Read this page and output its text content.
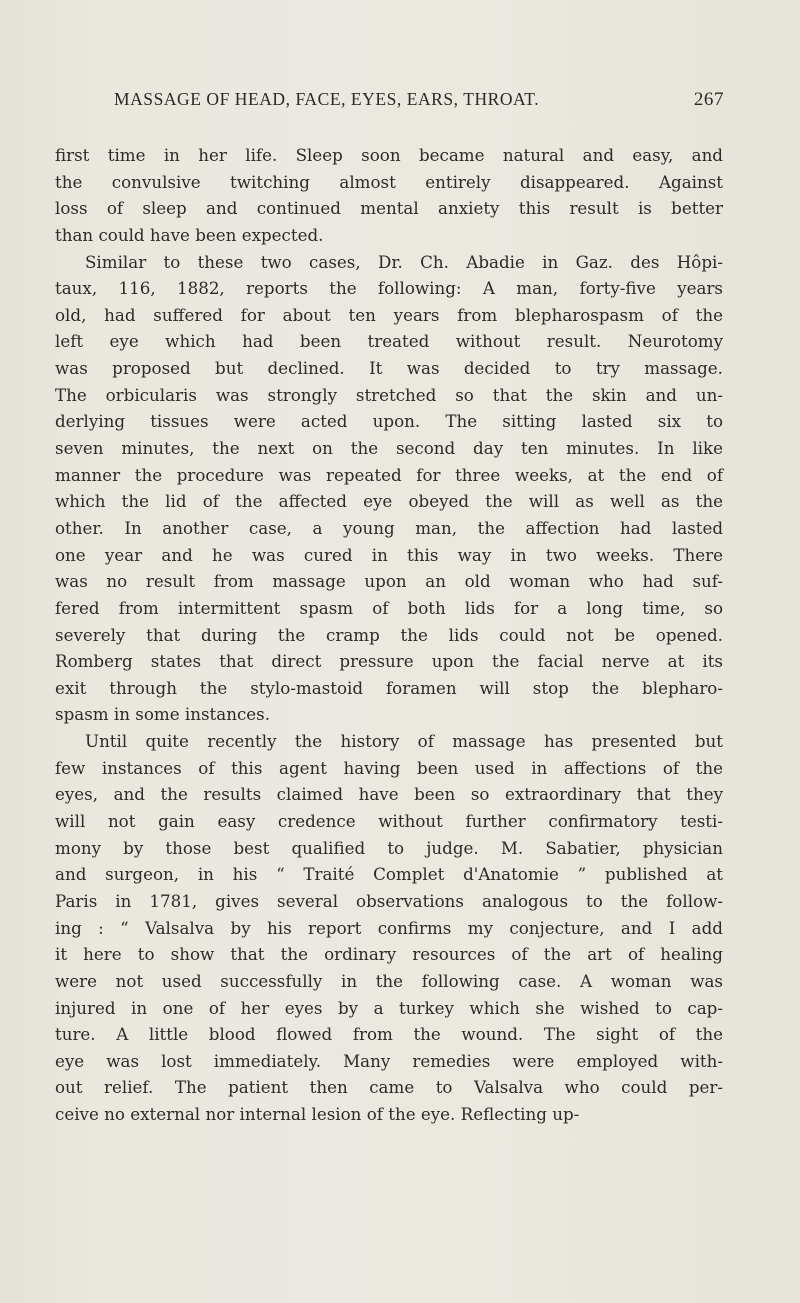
MASSAGE OF HEAD, FACE, EYES, EARS, THROAT.	267
first time in her life. Sleep soon became natural and easy, and
the convulsive twitching almost entirely disappeared. Against
loss of sleep and continued mental anxiety this result is better
than could have been expected.
Similar to these two cases, Dr. Ch. Abadie in Gaz. des Hôpi-
taux, 116, 1882, reports the following: A man, forty-five years
old, had suffered for about ten years from blepharospasm of the
left eye which had been treated without result. Neurotomy
was proposed but declined. It was decided to try massage.
The orbicularis was strongly stretched so that the skin and un-
derlying tissues were acted upon. The sitting lasted six to
seven minutes, the next on the second day ten minutes. In like
manner the procedure was repeated for three weeks, at the end of
which the lid of the affected eye obeyed the will as well as the
other. In another case, a young man, the affection had lasted
one year and he was cured in this way in two weeks. There
was no result from massage upon an old woman who had suf-
fered from intermittent spasm of both lids for a long time, so
severely that during the cramp the lids could not be opened.
Romberg states that direct pressure upon the facial nerve at its
exit through the stylo-mastoid foramen will stop the blepharo-
spasm in some instances.
Until quite recently the history of massage has presented but
few instances of this agent having been used in affections of the
eyes, and the results claimed have been so extraordinary that they
will not gain easy credence without further confirmatory testi-
mony by those best qualified to judge. M. Sabatier, physician
and surgeon, in his “ Traité Complet d'Anatomie ” published at
Paris in 1781, gives several observations analogous to the follow-
ing : “ Valsalva by his report confirms my conjecture, and I add
it here to show that the ordinary resources of the art of healing
were not used successfully in the following case. A woman was
injured in one of her eyes by a turkey which she wished to cap-
ture. A little blood flowed from the wound. The sight of the
eye was lost immediately. Many remedies were employed with-
out relief. The patient then came to Valsalva who could per-
ceive no external nor internal lesion of the eye. Reflecting up-
